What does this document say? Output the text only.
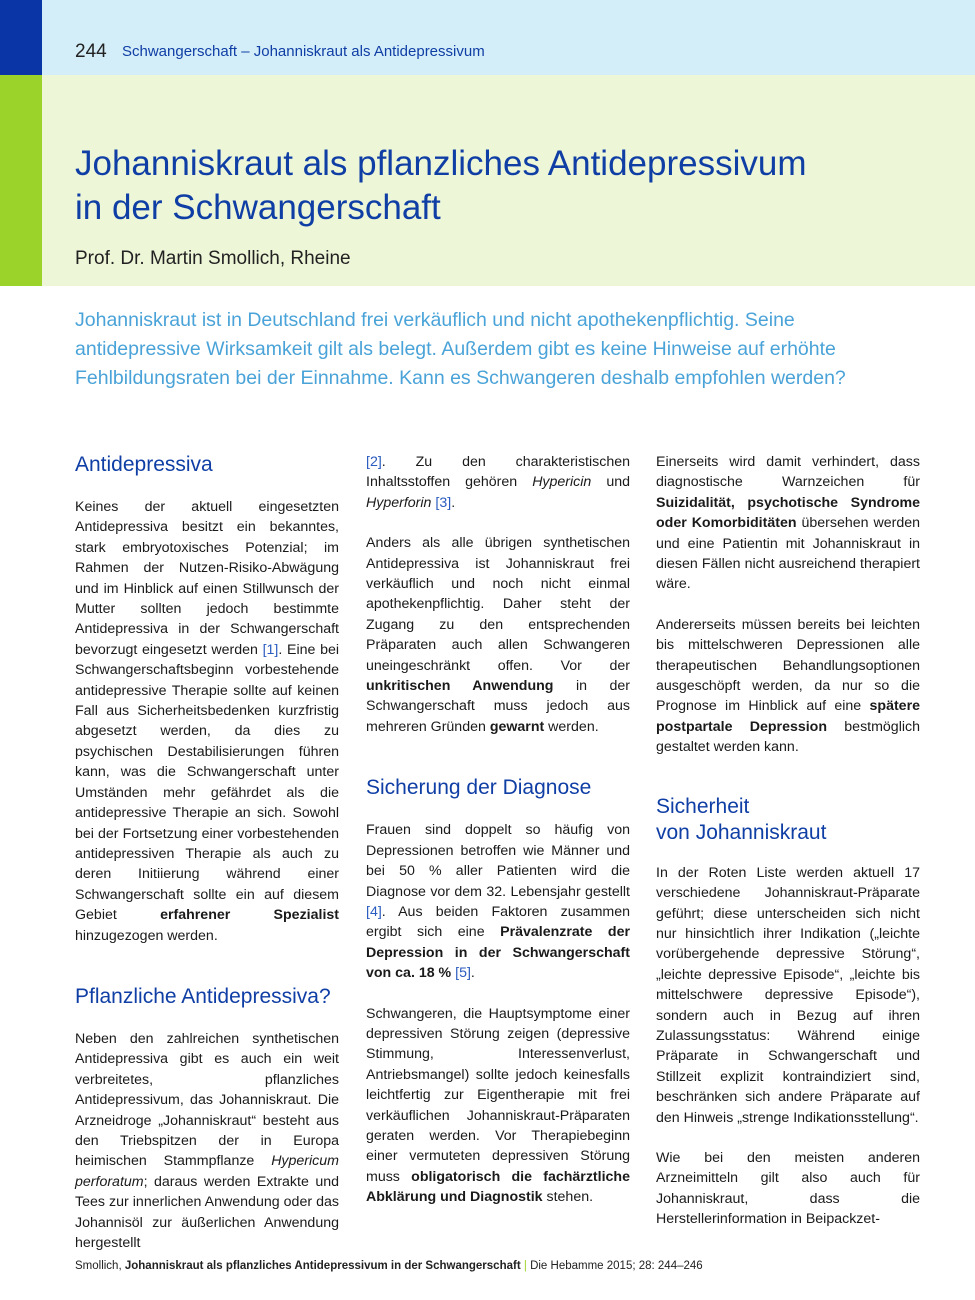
244 Schwangerschaft – Johanniskraut als Antidepressivum
Johanniskraut als pflanzliches Antidepressivum
in der Schwangerschaft
Prof. Dr. Martin Smollich, Rheine

Johanniskraut ist in Deutschland frei verkäuflich und nicht apothekenpflichtig. Seine antidepressive Wirksamkeit gilt als belegt. Außerdem gibt es keine Hinweise auf erhöhte Fehlbildungsraten bei der Einnahme. Kann es Schwangeren deshalb empfohlen werden?

Antidepressiva

Keines der aktuell eingesetzten Antidepressiva besitzt ein bekanntes, stark embryotoxisches Potenzial; im Rahmen der Nutzen-Risiko-Abwägung und im Hinblick auf einen Stillwunsch der Mutter sollten jedoch bestimmte Antidepressiva in der Schwangerschaft bevorzugt eingesetzt werden [1]. Eine bei Schwangerschaftsbeginn vorbestehende antidepressive Therapie sollte auf keinen Fall aus Sicherheitsbedenken kurzfristig abgesetzt werden, da dies zu psychischen Destabilisierungen führen kann, was die Schwangerschaft unter Umständen mehr gefährdet als die antidepressive Therapie an sich. Sowohl bei der Fortsetzung einer vorbestehenden antidepressiven Therapie als auch zu deren Initiierung während einer Schwangerschaft sollte ein auf diesem Gebiet erfahrener Spezialist hinzugezogen werden.

Pflanzliche Antidepressiva?

Neben den zahlreichen synthetischen Antidepressiva gibt es auch ein weit verbreitetes, pflanzliches Antidepressivum, das Johanniskraut. Die Arzneidroge „Johanniskraut“ besteht aus den Triebspitzen der in Europa heimischen Stammpflanze Hypericum perforatum; daraus werden Extrakte und Tees zur innerlichen Anwendung oder das Johannisöl zur äußerlichen Anwendung hergestellt

[2]. Zu den charakteristischen Inhaltsstoffen gehören Hypericin und Hyperforin [3].

Anders als alle übrigen synthetischen Antidepressiva ist Johanniskraut frei verkäuflich und noch nicht einmal apothekenpflichtig. Daher steht der Zugang zu den entsprechenden Präparaten auch allen Schwangeren uneingeschränkt offen. Vor der unkritischen Anwendung in der Schwangerschaft muss jedoch aus mehreren Gründen gewarnt werden.

Sicherung der Diagnose

Frauen sind doppelt so häufig von Depressionen betroffen wie Männer und bei 50 % aller Patienten wird die Diagnose vor dem 32. Lebensjahr gestellt [4]. Aus beiden Faktoren zusammen ergibt sich eine Prävalenzrate der Depression in der Schwangerschaft von ca. 18 % [5].

Schwangeren, die Hauptsymptome einer depressiven Störung zeigen (depressive Stimmung, Interessenverlust, Antriebsmangel) sollte jedoch keinesfalls leichtfertig zur Eigentherapie mit frei verkäuflichen Johanniskraut-Präparaten geraten werden. Vor Therapiebeginn einer vermuteten depressiven Störung muss obligatorisch die fachärztliche Abklärung und Diagnostik stehen.

Einerseits wird damit verhindert, dass diagnostische Warnzeichen für Suizidalität, psychotische Syndrome oder Komorbiditäten übersehen werden und eine Patientin mit Johanniskraut in diesen Fällen nicht ausreichend therapiert wäre.

Andererseits müssen bereits bei leichten bis mittelschweren Depressionen alle therapeutischen Behandlungsoptionen ausgeschöpft werden, da nur so die Prognose im Hinblick auf eine spätere postpartale Depression bestmöglich gestaltet werden kann.

Sicherheit
von Johanniskraut

In der Roten Liste werden aktuell 17 verschiedene Johanniskraut-Präparate geführt; diese unterscheiden sich nicht nur hinsichtlich ihrer Indikation („leichte vorübergehende depressive Störung“, „leichte depressive Episode“, „leichte bis mittelschwere depressive Episode“), sondern auch in Bezug auf ihren Zulassungsstatus: Während einige Präparate in Schwangerschaft und Stillzeit explizit kontraindiziert sind, beschränken sich andere Präparate auf den Hinweis „strenge Indikationsstellung“.

Wie bei den meisten anderen Arzneimitteln gilt also auch für Johanniskraut, dass die Herstellerinformation in Beipackzet-

Smollich, Johanniskraut als pflanzliches Antidepressivum in der Schwangerschaft | Die Hebamme 2015; 28: 244–246
